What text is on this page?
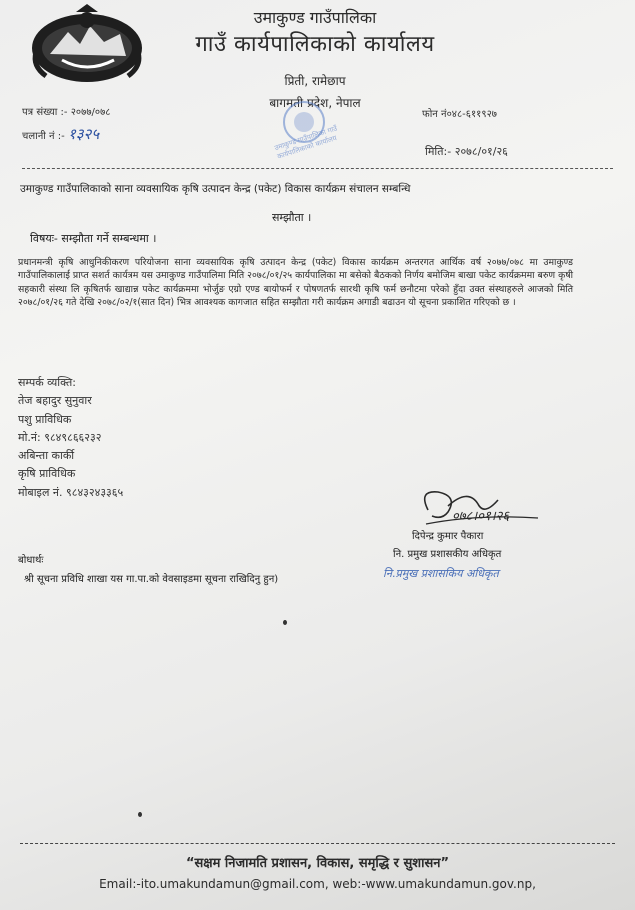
उमाकुण्ड गाउँपालिका
गाउँ कार्यपालिकाको कार्यालय
प्रिती, रामेछाप
बागमती प्रदेश, नेपाल
पत्र संख्या :- २०७७/०७८
चलानी नं :- १३२५
फोन नं०४८-६११९२७
मिति:- २०७८/०१/२६
उमाकुण्ड गाउँपालिका गाउँ कार्यपालिकाको कार्यालय
उमाकुण्ड गाउँपालिकाको साना व्यवसायिक कृषि उत्पादन केन्द्र (पकेट) विकास कार्यक्रम संचालन सम्बन्धि
सम्झौता ।
विषयः- सम्झौता गर्ने सम्बन्धमा ।
प्रधानमन्त्री कृषि आधुनिकीकरण परियोजना साना व्यवसायिक कृषि उत्पादन केन्द्र (पकेट) विकास कार्यक्रम अन्तरगत आर्थिक वर्ष २०७७/०७८ मा उमाकुण्ड गाउँपालिकालाई प्राप्त सशर्त कार्यत्रम यस उमाकुण्ड गाउँपालिमा मिति २०७८/०१/२५ कार्यपालिका मा बसेको बैठकको निर्णय बमोजिम बाखा पकेट कार्यक्रममा बरुण कृषी सहकारी संस्था लि कृषितर्फ खाद्यान्न पकेट कार्यक्रममा भोर्जुङ एग्रो एण्ड बायोफर्म र पोषणतर्फ सारथी कृषि फर्म छनौटमा परेको हुँदा उक्त संस्थाहरुले आजको मिति २०७८/०१/२६ गते देखि २०७८/०२/१(सात दिन) भित्र आवश्यक कागजात सहित सम्झौता गरी कार्यक्रम अगाडी बढाउन यो सूचना प्रकाशित गरिएको छ ।
सम्पर्क व्यक्ति:
तेज बहादुर सुनुवार
पशु प्राविधिक
मो.नं: ९८४९८६६२३२
अबिन्ता कार्की
कृषि प्राविधिक
मोबाइल नं. ९८४३२४३३६५
०७८।०१।२६
दिपेन्द्र कुमार पैकारा
नि. प्रमुख प्रशासकीय अधिकृत
नि.प्रमुख प्रशासकिय अधिकृत
बोधार्थः
श्री सूचना प्रविधि शाखा यस गा.पा.को वेवसाइडमा सूचना राखिदिनु हुन)
“सक्षम निजामति प्रशासन, विकास, समृद्धि र सुशासन”
Email:-ito.umakundamun@gmail.com, web:-www.umakundamun.gov.np,
